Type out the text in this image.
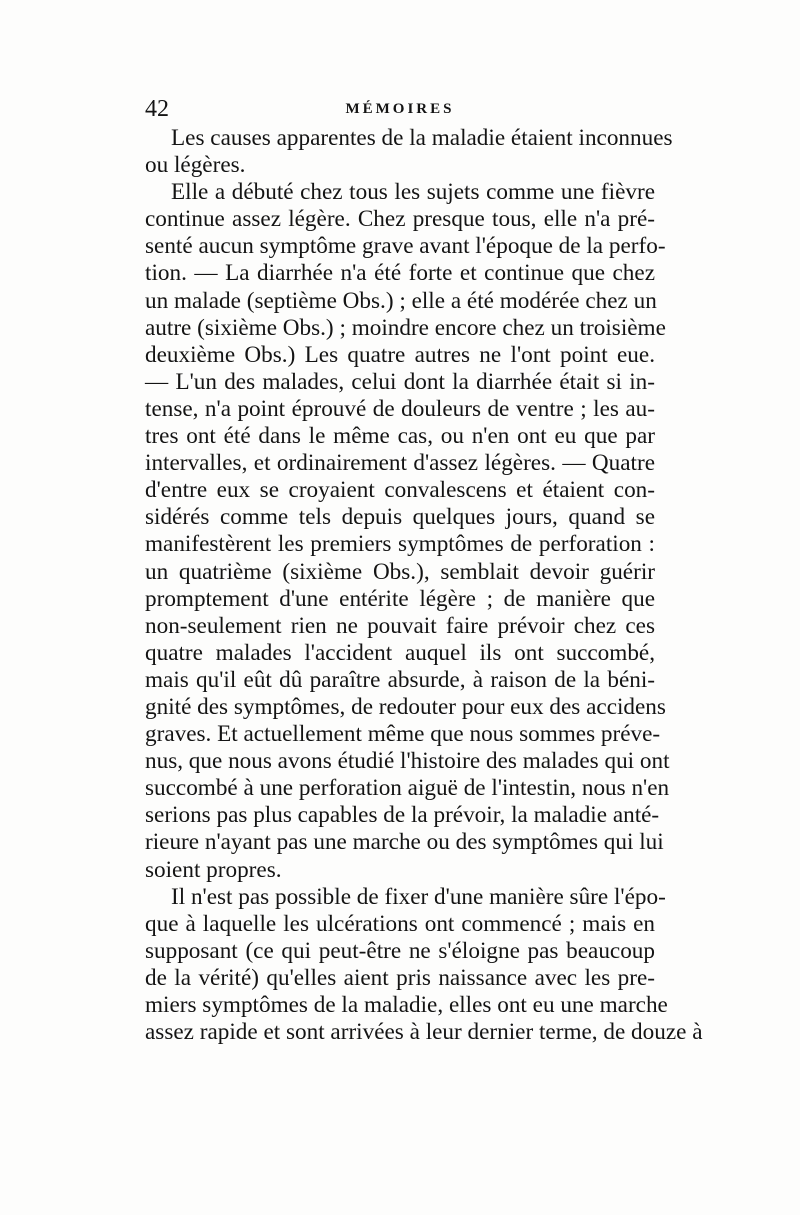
42	MÉMOIRES
Les causes apparentes de la maladie étaient inconnues
ou légères.
Elle a débuté chez tous les sujets comme une fièvre
continue assez légère. Chez presque tous, elle n'a pré-
senté aucun symptôme grave avant l'époque de la perfo-
tion. — La diarrhée n'a été forte et continue que chez
un malade (septième Obs.) ; elle a été modérée chez un
autre (sixième Obs.) ; moindre encore chez un troisième
deuxième Obs.) Les quatre autres ne l'ont point eue.
— L'un des malades, celui dont la diarrhée était si in-
tense, n'a point éprouvé de douleurs de ventre ; les au-
tres ont été dans le même cas, ou n'en ont eu que par
intervalles, et ordinairement d'assez légères. — Quatre
d'entre eux se croyaient convalescens et étaient con-
sidérés comme tels depuis quelques jours, quand se
manifestèrent les premiers symptômes de perforation :
un quatrième (sixième Obs.), semblait devoir guérir
promptement d'une entérite légère ; de manière que
non-seulement rien ne pouvait faire prévoir chez ces
quatre malades l'accident auquel ils ont succombé,
mais qu'il eût dû paraître absurde, à raison de la béni-
gnité des symptômes, de redouter pour eux des accidens
graves. Et actuellement même que nous sommes préve-
nus, que nous avons étudié l'histoire des malades qui ont
succombé à une perforation aiguë de l'intestin, nous n'en
serions pas plus capables de la prévoir, la maladie anté-
rieure n'ayant pas une marche ou des symptômes qui lui
soient propres.
Il n'est pas possible de fixer d'une manière sûre l'épo-
que à laquelle les ulcérations ont commencé ; mais en
supposant (ce qui peut-être ne s'éloigne pas beaucoup
de la vérité) qu'elles aient pris naissance avec les pre-
miers symptômes de la maladie, elles ont eu une marche
assez rapide et sont arrivées à leur dernier terme, de douze à
